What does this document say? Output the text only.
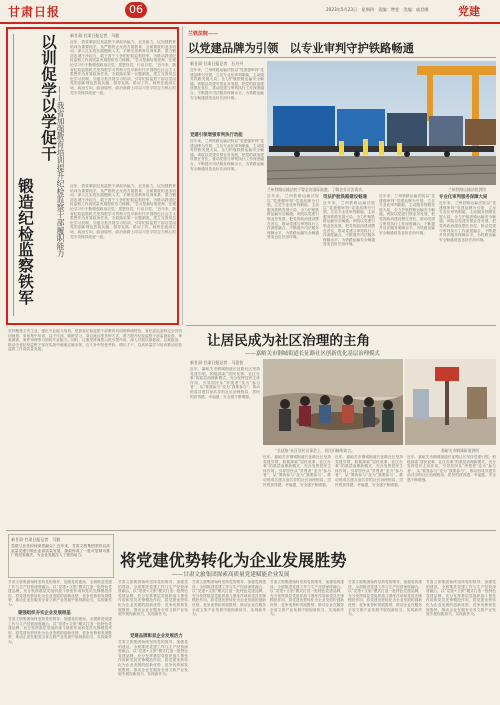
甘肃日报	06	2023年5月23日　星期四　责编：赞雯　美编：戚君娜	党建
以训促学以学促干
锻造纪检监察铁军	——我省加强教育培训提升纪检监察干部履职能力
新甘肃·甘肃日报记者　马毅
近年，我省紧扣纪检监察干部政治能力、业务能力，以加强教育培训为重要抓手，从严格的正反两方面教育、全面系统的业务培训、深入扎实的实践锻炼入手，不断完善教育培训体系，着力锻造忠诚干净担当、敢于善于斗争的纪检监察铁军，为推动我省纪检监察工作高质量发展提供有力保障。“学习是最好的老师，在理论学习中不断增强政治自觉、思想自觉、行动自觉。”近年来，我省纪检监察机关坚持把学习贯彻习近平新时代中国特色社会主义思想作为首要政治任务，全面落实第一议题制度，建立完善常态化学习机制，分级分类开展学习培训，引导纪检监察干部自觉用党的创新理论武装头脑、指导实践、推动工作，始终在政治立场、政治方向、政治原则、政治道路上同以习近平同志为核心的党中央保持高度一致。
近年，我省紧扣纪检监察干部政治能力、业务能力，以加强教育培训为重要抓手，从严格的正反两方面教育、全面系统的业务培训、深入扎实的实践锻炼入手，不断完善教育培训体系，着力锻造忠诚干净担当、敢于善于斗争的纪检监察铁军，为推动我省纪检监察工作高质量发展提供有力保障。“学习是最好的老师，在理论学习中不断增强政治自觉、思想自觉、行动自觉。”近年来，我省纪检监察机关坚持把学习贯彻习近平新时代中国特色社会主义思想作为首要政治任务，全面落实第一议题制度，建立完善常态化学习机制，分级分类开展学习培训，引导纪检监察干部自觉用党的创新理论武装头脑、指导实践、推动工作，始终在政治立场、政治方向、政治原则、政治道路上同以习近平同志为核心的党中央保持高度一致。
坚持聚焦主责主业，强化专业能力培训，是我省纪检监察干部教育培训的鲜明特色。省纪委监委制定全员培训规划，采取集中培训、以干代训、跟班学习、岗位练兵等多种方式，着力提升纪检监察干部监督检查、审查调查、案件审理等方面的专业能力。同时，注重发挥典型示范引领作用，深入开展以案促改、以案促治，推动全省纪检监察干部在实战中练就过硬本领，在斗争中经受考验、增长才干，以高质量学习培训推动纪检监察工作高质量发展。
兰铁法院——
以党建品牌为引领　以专业审判守护铁路畅通
新甘肃·甘肃日报记者　石丹丹
近年来，兰州铁路运输法院以“党建强审判”党建品牌为引领，立足专业化审判职能，主动服务铁路发展大局，全力护航铁路运输安全畅通。该院以党建引领业务发展，把党的政治建设摆在首位，推动党建与审判执行工作深度融合，不断提升司法服务保障水平，为铁路运输安全畅通营造良好法治环境。
党建引领增强审判执行动能
近年来，兰州铁路运输法院以“党建强审判”党建品牌为引领，立足专业化审判职能，主动服务铁路发展大局，全力护航铁路运输安全畅通。该院以党建引领业务发展，把党的政治建设摆在首位，推动党建与审判执行工作深度融合，不断提升司法服务保障水平，为铁路运输安全畅通营造良好法治环境。
兰州铁路运输法院干警走访国际陆港，了解企业司法需求。	兰州铁路运输法院供图
近年来，兰州铁路运输法院以“党建强审判”党建品牌为引领，立足专业化审判职能，主动服务铁路发展大局，全力护航铁路运输安全畅通。该院以党建引领业务发展，把党的政治建设摆在首位，推动党建与审判执行工作深度融合，不断提升司法服务保障水平，为铁路运输安全畅通营造良好法治环境。
司法护航铁路建设畅通
近年来，兰州铁路运输法院以“党建强审判”党建品牌为引领，立足专业化审判职能，主动服务铁路发展大局，全力护航铁路运输安全畅通。该院以党建引领业务发展，把党的政治建设摆在首位，推动党建与审判执行工作深度融合，不断提升司法服务保障水平，为铁路运输安全畅通营造良好法治环境。
近年来，兰州铁路运输法院以“党建强审判”党建品牌为引领，立足专业化审判职能，主动服务铁路发展大局，全力护航铁路运输安全畅通。该院以党建引领业务发展，把党的政治建设摆在首位，推动党建与审判执行工作深度融合，不断提升司法服务保障水平，为铁路运输安全畅通营造良好法治环境。
专业化审判服务保障大局
近年来，兰州铁路运输法院以“党建强审判”党建品牌为引领，立足专业化审判职能，主动服务铁路发展大局，全力护航铁路运输安全畅通。该院以党建引领业务发展，把党的政治建设摆在首位，推动党建与审判执行工作深度融合，不断提升司法服务保障水平，为铁路运输安全畅通营造良好法治环境。
让居民成为社区治理的主角
——嘉峪关市钢城街道长征路社区创新优化基层治理模式
新甘肃·甘肃日报记者　马思怡
近年，嘉峪关市钢城街道长征路社区坚持党建引领，积极探索“居民说事、社区办事”的基层治理新模式，充分发挥居民主体作用，引导居民从“旁观者”变为“参与者”，从“要我参与”变为“我要参与”，推动形成共建共治共享的社区治理格局，居民的获得感、幸福感、安全感不断增强。
“长征路”社区居民议事会上，居民们畅所欲言。	嘉峪关市钢城街道供图
近年，嘉峪关市钢城街道长征路社区坚持党建引领，积极探索“居民说事、社区办事”的基层治理新模式，充分发挥居民主体作用，引导居民从“旁观者”变为“参与者”，从“要我参与”变为“我要参与”，推动形成共建共治共享的社区治理格局，居民的获得感、幸福感、安全感不断增强。
近年，嘉峪关市钢城街道长征路社区坚持党建引领，积极探索“居民说事、社区办事”的基层治理新模式，充分发挥居民主体作用，引导居民从“旁观者”变为“参与者”，从“要我参与”变为“我要参与”，推动形成共建共治共享的社区治理格局，居民的获得感、幸福感、安全感不断增强。
近年，嘉峪关市钢城街道长征路社区坚持党建引领，积极探索“居民说事、社区办事”的基层治理新模式，充分发挥居民主体作用，引导居民从“旁观者”变为“参与者”，从“要我参与”变为“我要参与”，推动形成共建共治共享的社区治理格局，居民的获得感、幸福感、安全感不断增强。
新甘肃·甘肃日报记者　马毅
党建与业务如何深度融合？近年来，甘肃文旅集团坚持以高质量党建引领企业高质量发展，探索形成了一批可复制可推广的经验做法，为企业发展注入了强劲动力。	将党建优势转化为企业发展胜势
——甘肃文旅集团探索高质量党建赋能企业发展
甘肃文旅集团始终坚持党的领导、加强党的建设，全面推进党建工作与生产经营深度融合，以“党建+文旅”模式打造一批特色党建品牌，充分发挥基层党组织战斗堡垒作用和党员先锋模范作用，将党建优势转化为企业发展的创新优势、竞争优势和发展胜势，推动企业在服务全省文旅产业发展中展现新担当、实现新作为。
建强组织夯实企业发展根基
甘肃文旅集团始终坚持党的领导、加强党的建设，全面推进党建工作与生产经营深度融合，以“党建+文旅”模式打造一批特色党建品牌，充分发挥基层党组织战斗堡垒作用和党员先锋模范作用，将党建优势转化为企业发展的创新优势、竞争优势和发展胜势，推动企业在服务全省文旅产业发展中展现新担当、实现新作为。
甘肃文旅集团始终坚持党的领导、加强党的建设，全面推进党建工作与生产经营深度融合，以“党建+文旅”模式打造一批特色党建品牌，充分发挥基层党组织战斗堡垒作用和党员先锋模范作用，将党建优势转化为企业发展的创新优势、竞争优势和发展胜势，推动企业在服务全省文旅产业发展中展现新担当、实现新作为。
党建品牌彰显企业发展活力
甘肃文旅集团始终坚持党的领导、加强党的建设，全面推进党建工作与生产经营深度融合，以“党建+文旅”模式打造一批特色党建品牌，充分发挥基层党组织战斗堡垒作用和党员先锋模范作用，将党建优势转化为企业发展的创新优势、竞争优势和发展胜势，推动企业在服务全省文旅产业发展中展现新担当、实现新作为。
甘肃文旅集团始终坚持党的领导、加强党的建设，全面推进党建工作与生产经营深度融合，以“党建+文旅”模式打造一批特色党建品牌，充分发挥基层党组织战斗堡垒作用和党员先锋模范作用，将党建优势转化为企业发展的创新优势、竞争优势和发展胜势，推动企业在服务全省文旅产业发展中展现新担当、实现新作为。
甘肃文旅集团始终坚持党的领导、加强党的建设，全面推进党建工作与生产经营深度融合，以“党建+文旅”模式打造一批特色党建品牌，充分发挥基层党组织战斗堡垒作用和党员先锋模范作用，将党建优势转化为企业发展的创新优势、竞争优势和发展胜势，推动企业在服务全省文旅产业发展中展现新担当、实现新作为。
甘肃文旅集团始终坚持党的领导、加强党的建设，全面推进党建工作与生产经营深度融合，以“党建+文旅”模式打造一批特色党建品牌，充分发挥基层党组织战斗堡垒作用和党员先锋模范作用，将党建优势转化为企业发展的创新优势、竞争优势和发展胜势，推动企业在服务全省文旅产业发展中展现新担当、实现新作为。
甘肃文旅集团始终坚持党的领导、加强党的建设，全面推进党建工作与生产经营深度融合，以“党建+文旅”模式打造一批特色党建品牌，充分发挥基层党组织战斗堡垒作用和党员先锋模范作用，将党建优势转化为企业发展的创新优势、竞争优势和发展胜势，推动企业在服务全省文旅产业发展中展现新担当、实现新作为。
